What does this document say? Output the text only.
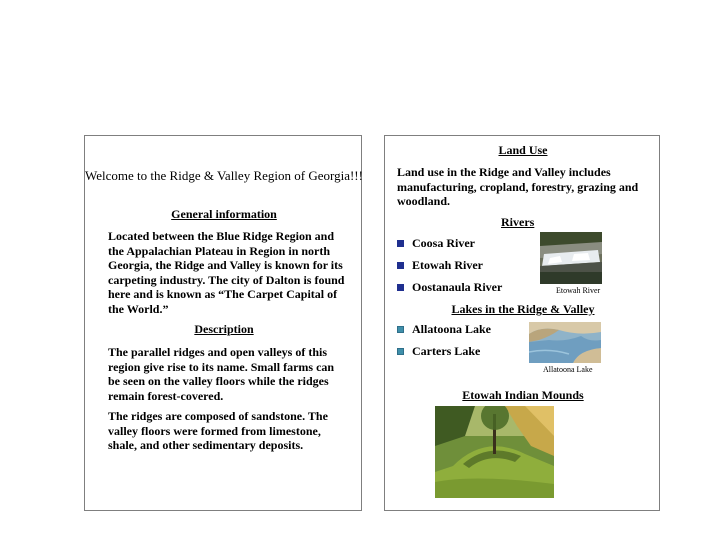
Welcome to the Ridge & Valley Region of Georgia!!!
General information
Located between the Blue Ridge Region and the Appalachian Plateau in Region in north Georgia, the Ridge and Valley is known for its carpeting industry. The city of Dalton is found here and is known as “The Carpet Capital of the World.”
Description
The parallel ridges and open valleys of this region give rise to its name. Small farms can be seen on the valley floors while the ridges remain forest-covered.
The ridges are composed of sandstone. The valley floors were formed from limestone, shale, and other sedimentary deposits.
Land Use
Land use in the Ridge and Valley includes manufacturing, cropland, forestry, grazing and woodland.
Rivers
Coosa River
Etowah River
Oostanaula River	Etowah River
Lakes in the Ridge & Valley
Allatoona Lake
Carters Lake
Allatoona Lake
Etowah Indian Mounds
